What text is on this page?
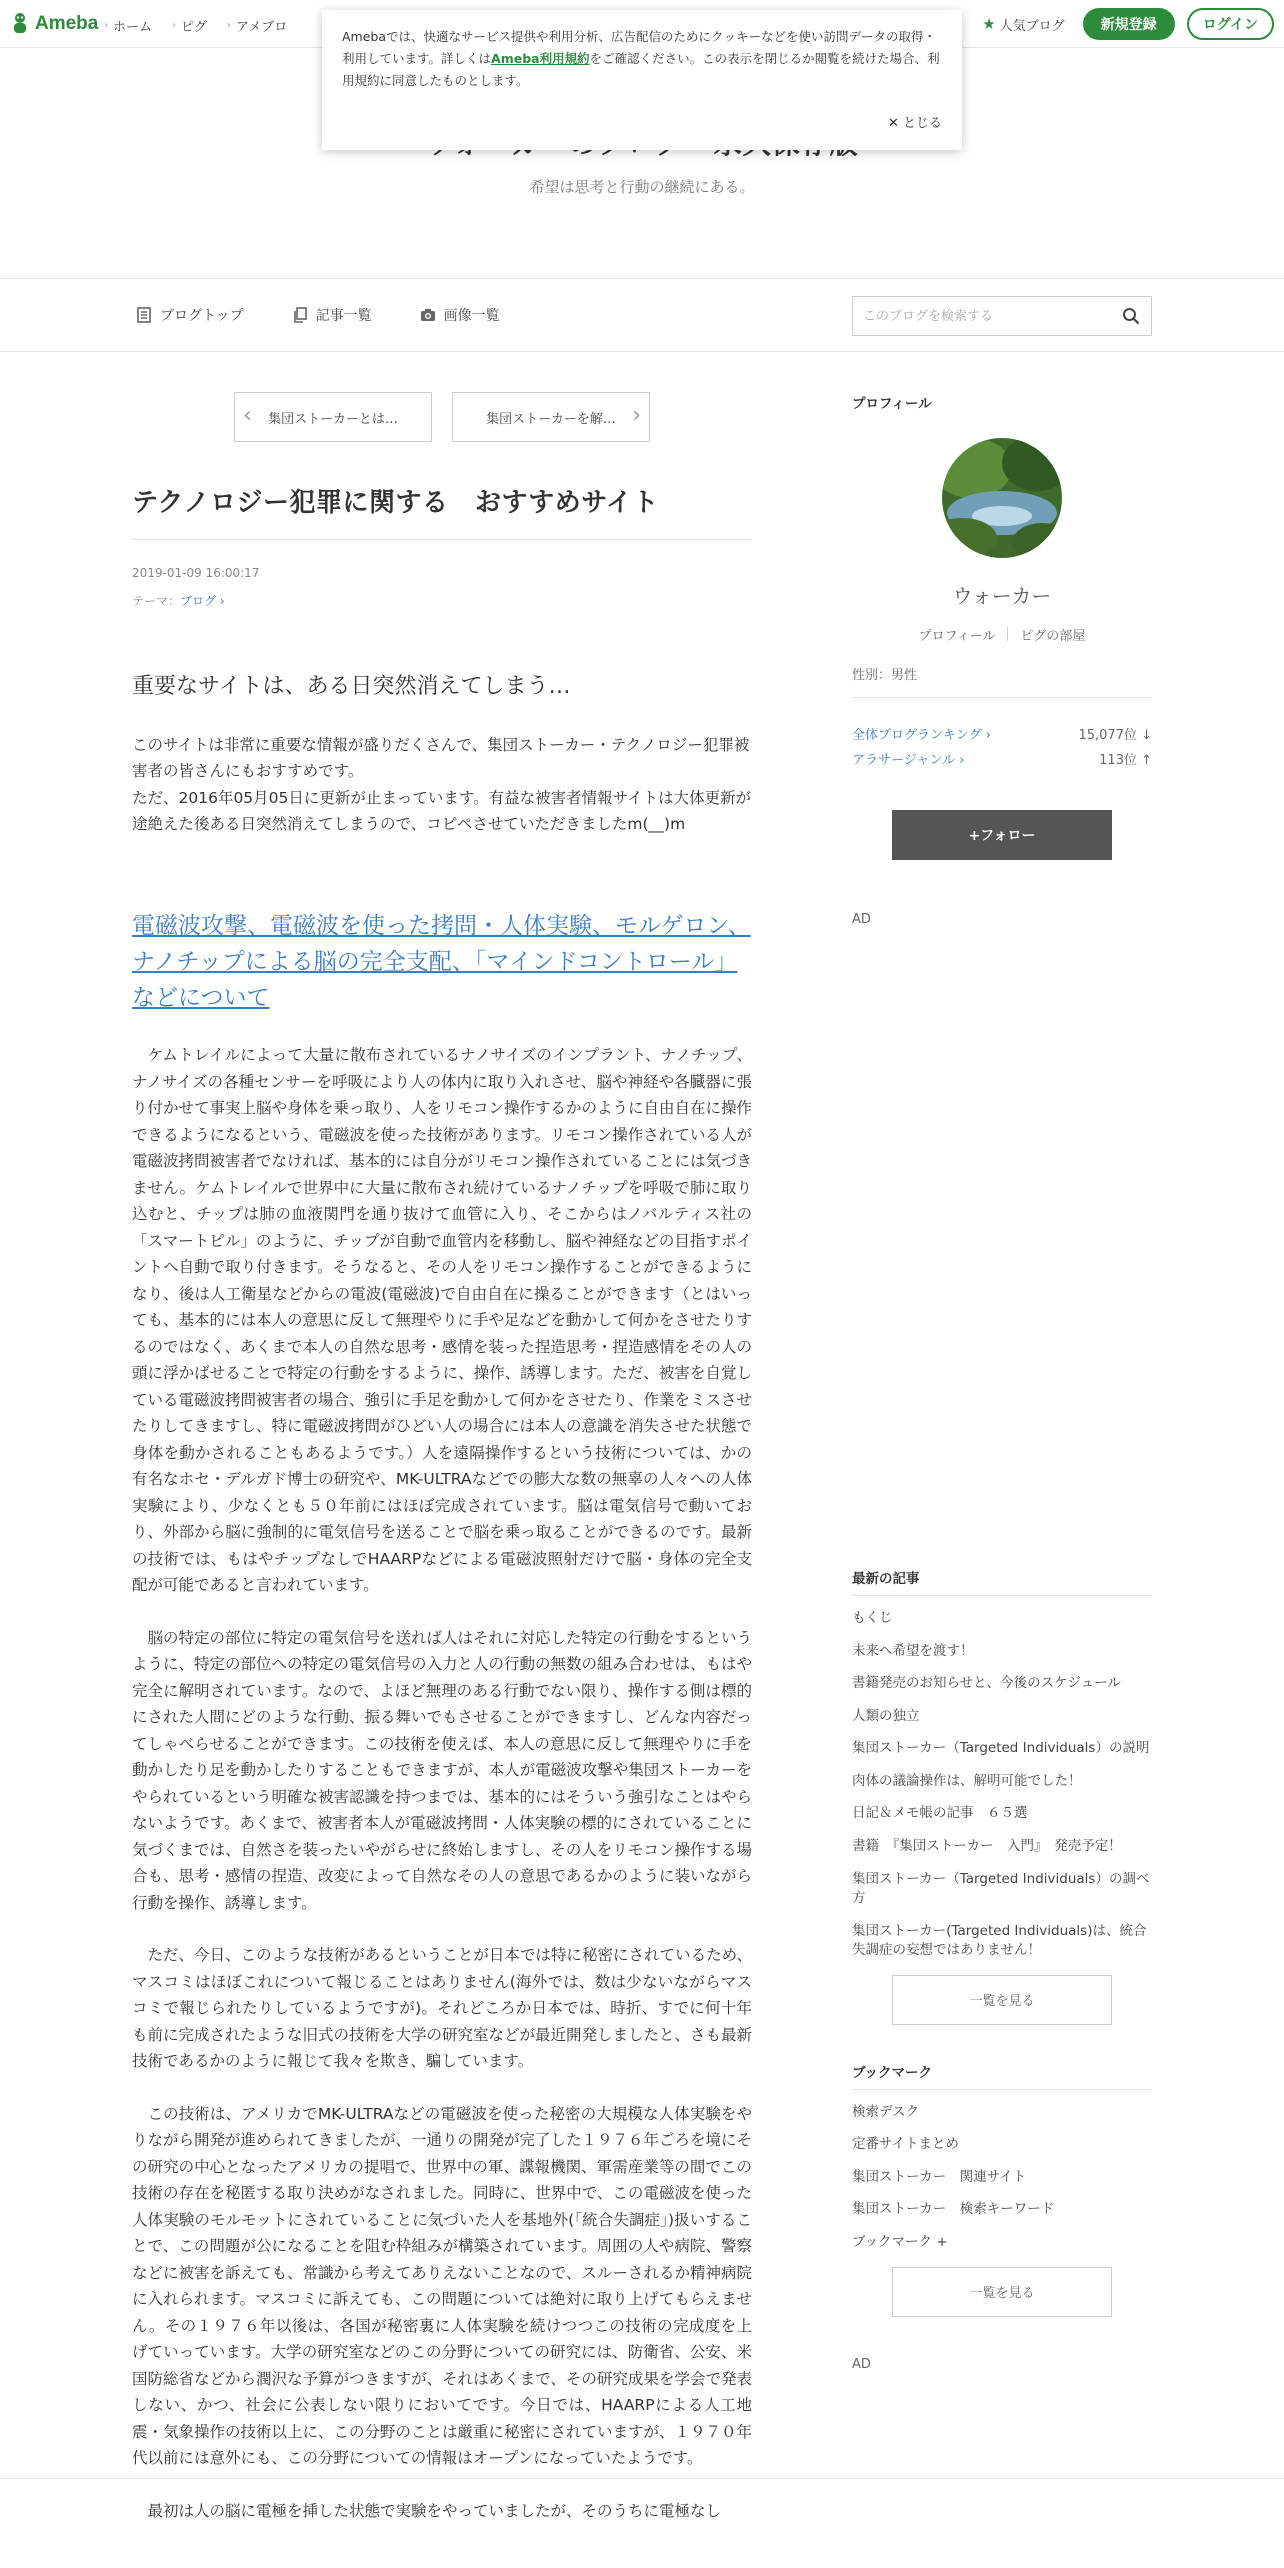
Ameba › ホーム › ピグ › アメブロ	★ 人気ブログ	新規登録	ログイン
Amebaでは、快適なサービス提供や利用分析、広告配信のためにクッキーなどを使い訪問データの取得・利用しています。詳しくはAmeba利用規約をご確認ください。この表示を閉じるか閲覧を続けた場合、利用規約に同意したものとします。
✕ とじる
希望は思考と行動の継続にある。
ブログトップ	記事一覧	画像一覧
このブログを検索する
‹ 集団ストーカーとは…	集団ストーカーを解… ›
テクノロジー犯罪に関する　おすすめサイト
2019-01-09 16:00:17
テーマ：ブログ ›
重要なサイトは、ある日突然消えてしまう…

このサイトは非常に重要な情報が盛りだくさんで、集団ストーカー・テクノロジー犯罪被害者の皆さんにもおすすめです。
ただ、2016年05月05日に更新が止まっています。有益な被害者情報サイトは大体更新が途絶えた後ある日突然消えてしまうので、コピペさせていただきましたm(__)m

電磁波攻撃、電磁波を使った拷問・人体実験、モルゲロン、ナノチップによる脳の完全支配、「マインドコントロール」などについて

ケムトレイルによって大量に散布されているナノサイズのインプラント、ナノチップ、ナノサイズの各種センサーを呼吸により人の体内に取り入れさせ、脳や神経や各臓器に張り付かせて事実上脳や身体を乗っ取り、人をリモコン操作するかのように自由自在に操作できるようになるという、電磁波を使った技術があります。リモコン操作されている人が電磁波拷問被害者でなければ、基本的には自分がリモコン操作されていることには気づきません。ケムトレイルで世界中に大量に散布され続けているナノチップを呼吸で肺に取り込むと、チップは肺の血液関門を通り抜けて血管に入り、そこからはノバルティス社の「スマートピル」のように、チップが自動で血管内を移動し、脳や神経などの目指すポイントへ自動で取り付きます。そうなると、その人をリモコン操作することができるようになり、後は人工衛星などからの電波(電磁波)で自由自在に操ることができます（とはいっても、基本的には本人の意思に反して無理やりに手や足などを動かして何かをさせたりするのではなく、あくまで本人の自然な思考・感情を装った捏造思考・捏造感情をその人の頭に浮かばせることで特定の行動をするように、操作、誘導します。ただ、被害を自覚している電磁波拷問被害者の場合、強引に手足を動かして何かをさせたり、作業をミスさせたりしてきますし、特に電磁波拷問がひどい人の場合には本人の意識を消失させた状態で身体を動かされることもあるようです。）人を遠隔操作するという技術については、かの有名なホセ・デルガド博士の研究や、MK-ULTRAなどでの膨大な数の無辜の人々への人体実験により、少なくとも５０年前にはほぼ完成されています。脳は電気信号で動いており、外部から脳に強制的に電気信号を送ることで脳を乗っ取ることができるのです。最新の技術では、もはやチップなしでHAARPなどによる電磁波照射だけで脳・身体の完全支配が可能であると言われています。

脳の特定の部位に特定の電気信号を送れば人はそれに対応した特定の行動をするというように、特定の部位への特定の電気信号の入力と人の行動の無数の組み合わせは、もはや完全に解明されています。なので、よほど無理のある行動でない限り、操作する側は標的にされた人間にどのような行動、振る舞いでもさせることができますし、どんな内容だってしゃべらせることができます。この技術を使えば、本人の意思に反して無理やりに手を動かしたり足を動かしたりすることもできますが、本人が電磁波攻撃や集団ストーカーをやられているという明確な被害認識を持つまでは、基本的にはそういう強引なことはやらないようです。あくまで、被害者本人が電磁波拷問・人体実験の標的にされていることに気づくまでは、自然さを装ったいやがらせに終始しますし、その人をリモコン操作する場合も、思考・感情の捏造、改変によって自然なその人の意思であるかのように装いながら行動を操作、誘導します。

ただ、今日、このような技術があるということが日本では特に秘密にされているため、マスコミはほぼこれについて報じることはありません(海外では、数は少ないながらマスコミで報じられたりしているようですが)。それどころか日本では、時折、すでに何十年も前に完成されたような旧式の技術を大学の研究室などが最近開発しましたと、さも最新技術であるかのように報じて我々を欺き、騙しています。

この技術は、アメリカでMK-ULTRAなどの電磁波を使った秘密の大規模な人体実験をやりながら開発が進められてきましたが、一通りの開発が完了した１９７６年ごろを境にその研究の中心となったアメリカの提唱で、世界中の軍、諜報機関、軍需産業等の間でこの技術の存在を秘匿する取り決めがなされました。同時に、世界中で、この電磁波を使った人体実験のモルモットにされていることに気づいた人を基地外(「統合失調症」)扱いすることで、この問題が公になることを阻む枠組みが構築されています。周囲の人や病院、警察などに被害を訴えても、常識から考えてありえないことなので、スルーされるか精神病院に入れられます。マスコミに訴えても、この問題については絶対に取り上げてもらえません。その１９７６年以後は、各国が秘密裏に人体実験を続けつつこの技術の完成度を上げていっています。大学の研究室などのこの分野についての研究には、防衛省、公安、米国防総省などから潤沢な予算がつきますが、それはあくまで、その研究成果を学会で発表しない、かつ、社会に公表しない限りにおいてです。今日では、HAARPによる人工地震・気象操作の技術以上に、この分野のことは厳重に秘密にされていますが、１９７０年代以前には意外にも、この分野についての情報はオープンになっていたようです。

最初は人の脳に電極を挿した状態で実験をやっていましたが、そのうちに電極なし

プロフィール
ウォーカー
プロフィール ピグの部屋
性別：男性
全体ブログランキング ›	15,077位 ↓
アラサージャンル ›	113位 ↑
+フォロー
AD
最新の記事
もくじ
未来へ希望を渡す！
書籍発売のお知らせと、今後のスケジュール
人類の独立
集団ストーカー（Targeted Individuals）の説明
肉体の議論操作は、解明可能でした！
日記＆メモ帳の記事　６５選
書籍　『集団ストーカー　入門』　発売予定！
集団ストーカー（Targeted Individuals）の調べ方
集団ストーカー(Targeted Individuals)は、統合失調症の妄想ではありません！
一覧を見る
ブックマーク
検索デスク
定番サイトまとめ
集団ストーカー　関連サイト
集団ストーカー　検索キーワード
ブックマーク +
一覧を見る
AD
